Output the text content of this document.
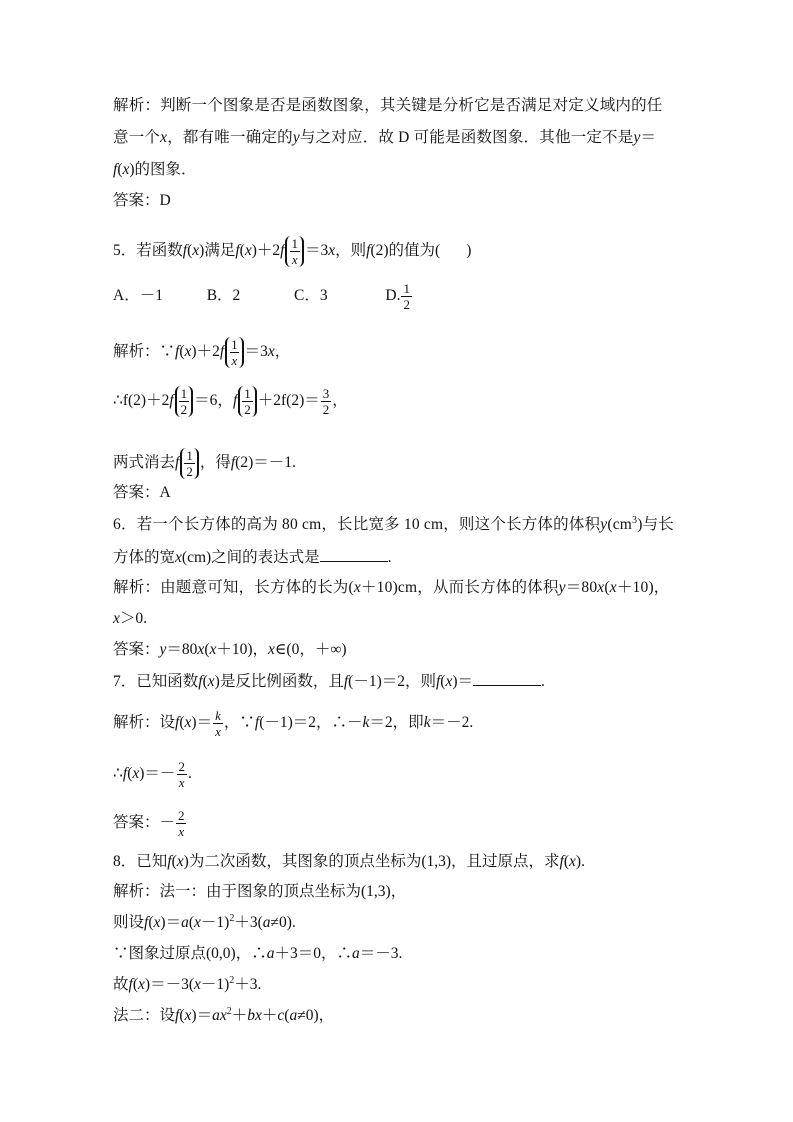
解析：判断一个图象是否是函数图象，其关键是分析它是否满足对定义域内的任
意一个x，都有唯一确定的y与之对应．故 D 可能是函数图象．其他一定不是y＝
f(x)的图象．
答案：D
5．若函数f(x)满足$f(x)+2f \frac{1}{x} =3x$，则f(2)的值为( )
A．－1	B．2	C．3	D. $\frac{1}{2}$
解析：∵f(x)＋2f $\frac{1}{x} =3x$，
∴f(2)＋2f $\frac{1}{2} =6$，f $\frac{1}{2} +2f(2)= \frac{3}{2}$ ，
两式消去f $\frac{1}{2}$ ，得f(2)＝－1.
答案：A
6．若一个长方体的高为 80 cm，长比宽多 10 cm，则这个长方体的体积$y(cm^3)$与长
方体的宽x(cm)之间的表达式是	.
解析：由题意可知，长方体的长为(x＋10)cm，从而长方体的体积y＝80x(x＋10)，
x＞0.
答案：y＝80x(x＋10)，x∈(0，＋∞)
7．已知函数f(x)是反比例函数，且f(－1)＝2，则f(x)＝	.
解析：设$f(x)= \frac{k}{x}$ ，∵f(－1)＝2，∴－k＝2，即k＝－2.
∴f(x)＝－ $\frac{2}{x}$ .
答案：－ $\frac{2}{x}$
8．已知f(x)为二次函数，其图象的顶点坐标为(1,3)，且过原点，求f(x).
解析：法一：由于图象的顶点坐标为(1,3)，
则设$f(x)=a(x-1)^2+3(a\ne 0)$.
∵图象过原点(0,0)，∴a＋3＝0，∴a＝－3.
故$f(x)=-3(x-1)^2+3$.
法二：设$f(x)=ax^2+bx+c(a\ne 0)$，
